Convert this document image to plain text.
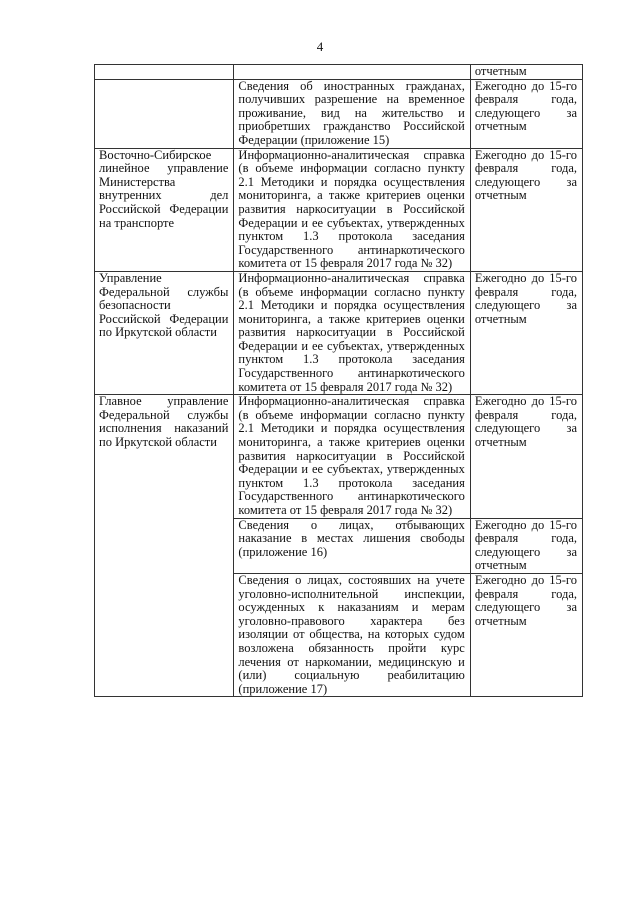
4
		отчетным
	Сведения об иностранных гражданах, получивших разрешение на временное проживание, вид на жительство и приобретших гражданство Российской Федерации (приложение 15)	Ежегодно до 15-го февраля года, следующего за отчетным
Восточно-Сибирское линейное управление Министерства внутренних дел Российской Федерации на транспорте	Информационно-аналитическая справка (в объеме информации согласно пункту 2.1 Методики и порядка осуществления мониторинга, а также критериев оценки развития наркоситуации в Российской Федерации и ее субъектах, утвержденных пунктом 1.3 протокола заседания Государственного антинаркотического комитета от 15 февраля 2017 года № 32)	Ежегодно до 15-го февраля года, следующего за отчетным
Управление Федеральной службы безопасности Российской Федерации по Иркутской области	Информационно-аналитическая справка (в объеме информации согласно пункту 2.1 Методики и порядка осуществления мониторинга, а также критериев оценки развития наркоситуации в Российской Федерации и ее субъектах, утвержденных пунктом 1.3 протокола заседания Государственного антинаркотического комитета от 15 февраля 2017 года № 32)	Ежегодно до 15-го февраля года, следующего за отчетным
Главное управление Федеральной службы исполнения наказаний по Иркутской области	Информационно-аналитическая справка (в объеме информации согласно пункту 2.1 Методики и порядка осуществления мониторинга, а также критериев оценки развития наркоситуации в Российской Федерации и ее субъектах, утвержденных пунктом 1.3 протокола заседания Государственного антинаркотического комитета от 15 февраля 2017 года № 32)	Ежегодно до 15-го февраля года, следующего за отчетным
	Сведения о лицах, отбывающих наказание в местах лишения свободы (приложение 16)	Ежегодно до 15-го февраля года, следующего за отчетным
	Сведения о лицах, состоявших на учете уголовно-исполнительной инспекции, осужденных к наказаниям и мерам уголовно-правового характера без изоляции от общества, на которых судом возложена обязанность пройти курс лечения от наркомании, медицинскую и (или) социальную реабилитацию (приложение 17)	Ежегодно до 15-го февраля года, следующего за отчетным
